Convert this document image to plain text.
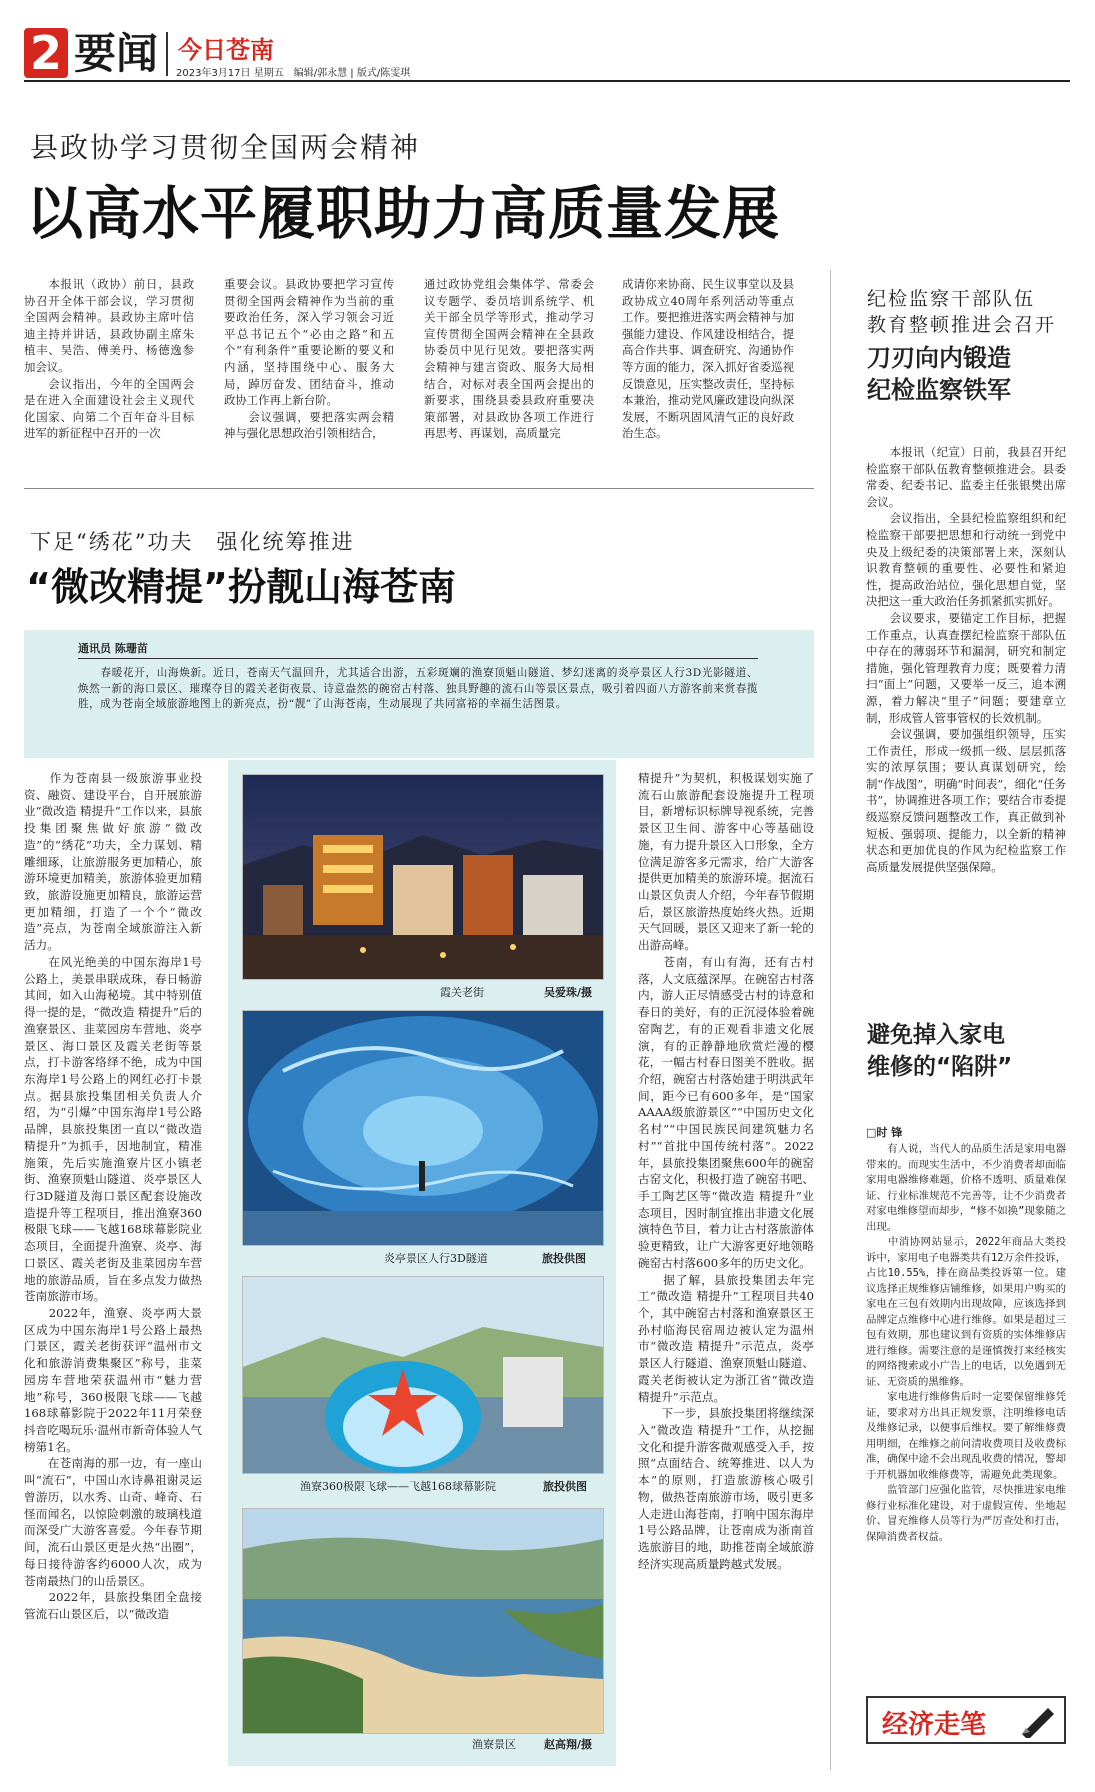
2 要闻 今日苍南
2023年3月17日 星期五　 编辑/郭永慧 | 版式/陈雯琪
县政协学习贯彻全国两会精神
以高水平履职助力高质量发展
　　本报讯（政协）前日，县政协召开全体干部会议，学习贯彻全国两会精神。县政协主席叶信迪主持并讲话，县政协副主席朱植丰、吴浩、傅美丹、杨德逸参加会议。
　　会议指出，今年的全国两会是在进入全面建设社会主义现代化国家、向第二个百年奋斗目标进军的新征程中召开的一次
重要会议。县政协要把学习宣传贯彻全国两会精神作为当前的重要政治任务，深入学习领会习近平总书记五个“必由之路”和五个“有利条件”重要论断的要义和内涵，坚持围绕中心、服务大局，踔厉奋发、团结奋斗，推动政协工作再上新台阶。
　　会议强调，要把落实两会精神与强化思想政治引领相结合，
通过政协党组会集体学、常委会议专题学、委员培训系统学、机关干部全员学等形式，推动学习宣传贯彻全国两会精神在全县政协委员中见行见效。要把落实两会精神与建言资政、服务大局相结合，对标对表全国两会提出的新要求，围绕县委县政府重要决策部署，对县政协各项工作进行再思考、再谋划，高质量完
成请你来协商、民生议事堂以及县政协成立40周年系列活动等重点工作。要把推进落实两会精神与加强能力建设、作风建设相结合，提高合作共事、调查研究、沟通协作等方面的能力，深入抓好省委巡视反馈意见，压实整改责任，坚持标本兼治，推动党风廉政建设向纵深发展，不断巩固风清气正的良好政治生态。
纪检监察干部队伍
教育整顿推进会召开
刀刃向内锻造
纪检监察铁军
　　本报讯（纪宣）日前，我县召开纪检监察干部队伍教育整顿推进会。县委常委、纪委书记、监委主任张银樊出席会议。
　　会议指出，全县纪检监察组织和纪检监察干部要把思想和行动统一到党中央及上级纪委的决策部署上来，深刻认识教育整顿的重要性、必要性和紧迫性，提高政治站位，强化思想自觉，坚决把这一重大政治任务抓紧抓实抓好。
　　会议要求，要锚定工作目标，把握工作重点，认真查摆纪检监察干部队伍中存在的薄弱环节和漏洞，研究和制定措施，强化管理教育力度；既要着力清扫“面上”问题，又要举一反三，追本溯源，着力解决“里子”问题；要建章立制，形成管人管事管权的长效机制。
　　会议强调，要加强组织领导，压实工作责任，形成一级抓一级、层层抓落实的浓厚氛围；要认真谋划研究，绘制“作战图”，明确“时间表”，细化“任务书”，协调推进各项工作；要结合市委提级巡察反馈问题整改工作，真正做到补短板、强弱项、提能力，以全新的精神状态和更加优良的作风为纪检监察工作高质量发展提供坚强保障。
下足“绣花”功夫　强化统筹推进
“微改精提”扮靓山海苍南
通讯员 陈珊苗
　　春暖花开，山海焕新。近日，苍南天气温回升，尤其适合出游，五彩斑斓的渔寮顶魁山隧道、梦幻迷离的炎亭景区人行3D光影隧道、焕然一新的海口景区、璀璨夺目的霞关老街夜景、诗意盎然的碗窑古村落、独具野趣的流石山等景区景点，吸引着四面八方游客前来赏春揽胜，成为苍南全域旅游地图上的新亮点，扮“靓”了山海苍南，生动展现了共同富裕的幸福生活图景。
　　作为苍南县一级旅游事业投资、融资、建设平台，自开展旅游业“微改造 精提升”工作以来，县旅投集团聚焦做好旅游“微改造”的“绣花”功夫，全力谋划、精雕细琢，让旅游服务更加精心，旅游环境更加精美，旅游体验更加精致，旅游设施更加精良，旅游运营更加精细，打造了一个个“微改造”亮点，为苍南全域旅游注入新活力。
　　在风光绝美的中国东海岸1号公路上，美景串联成珠，春日畅游其间，如入山海秘境。其中特别值得一提的是，“微改造 精提升”后的渔寮景区、韭菜园房车营地、炎亭景区、海口景区及霞关老街等景点，打卡游客络绎不绝，成为中国东海岸1号公路上的网红必打卡景点。据县旅投集团相关负责人介绍，为“引爆”中国东海岸1号公路品牌，县旅投集团一直以“微改造 精提升”为抓手，因地制宜，精准施策，先后实施渔寮片区小镇老街、渔寮顶魁山隧道、炎亭景区人行3D隧道及海口景区配套设施改造提升等工程项目，推出渔寮360极限飞球——飞越168球幕影院业态项目，全面提升渔寮、炎亭、海口景区、霞关老街及韭菜园房车营地的旅游品质，旨在多点发力做热苍南旅游市场。
　　2022年，渔寮、炎亭两大景区成为中国东海岸1号公路上最热门景区，霞关老街获评“温州市文化和旅游消费集聚区”称号，韭菜园房车营地荣获温州市“魅力营地”称号，360极限飞球——飞越168球幕影院于2022年11月荣登抖音吃喝玩乐·温州市新奇体验人气榜第1名。
　　在苍南海的那一边，有一座山叫“流石”，中国山水诗鼻祖谢灵运曾游历，以水秀、山奇、峰奇、石怪而闻名，以惊险刺激的玻璃栈道而深受广大游客喜爱。今年春节期间，流石山景区更是火热“出圈”，每日接待游客约6000人次，成为苍南最热门的山岳景区。
　　2022年，县旅投集团全盘接管流石山景区后，以“微改造
霞关老街	吴爱珠/摄
炎亭景区人行3D隧道	旅投供图
渔寮360极限飞球——飞越168球幕影院	旅投供图
渔寮景区	赵高翔/摄
精提升”为契机，积极谋划实施了流石山旅游配套设施提升工程项目，新增标识标牌导视系统，完善景区卫生间、游客中心等基础设施，有力提升景区入口形象，全方位满足游客多元需求，给广大游客提供更加精美的旅游环境。据流石山景区负责人介绍，今年春节假期后，景区旅游热度始终火热。近期天气回暖，景区又迎来了新一轮的出游高峰。
　　苍南，有山有海，还有古村落，人文底蕴深厚。在碗窑古村落内，游人正尽情感受古村的诗意和春日的美好，有的正沉浸体验着碗窑陶艺，有的正观看非遗文化展演，有的正静静地欣赏烂漫的樱花，一幅古村春日图美不胜收。据介绍，碗窑古村落始建于明洪武年间，距今已有600多年，是“国家AAAA级旅游景区”“中国历史文化名村”“中国民族民间建筑魅力名村”“首批中国传统村落”。2022年，县旅投集团聚焦600年的碗窑古窑文化，积极打造了碗窑书吧、手工陶艺区等“微改造 精提升”业态项目，因时制宜推出非遗文化展演特色节目，着力让古村落旅游体验更精致，让广大游客更好地领略碗窑古村落600多年的历史文化。
　　据了解，县旅投集团去年完工“微改造 精提升”工程项目共40个，其中碗窑古村落和渔寮景区王孙村临海民宿周边被认定为温州市“微改造 精提升”示范点，炎亭景区人行隧道、渔寮顶魁山隧道、霞关老街被认定为浙江省“微改造 精提升”示范点。
　　下一步，县旅投集团将继续深入“微改造 精提升”工作，从挖掘文化和提升游客微观感受入手，按照“点面结合、统筹推进、以人为本”的原则，打造旅游核心吸引物，做热苍南旅游市场，吸引更多人走进山海苍南，打响中国东海岸1号公路品牌，让苍南成为浙南首选旅游目的地，助推苍南全域旅游经济实现高质量跨越式发展。
避免掉入家电
维修的“陷阱”
□时 锋
　　有人说，当代人的品质生活是家用电器带来的。而现实生活中，不少消费者却面临家用电器维修难题，价格不透明、质量难保证、行业标准规范不完善等，让不少消费者对家电维修望而却步，“修不如换”现象随之出现。
　　中消协网站显示，2022年商品大类投诉中，家用电子电器类共有12万余件投诉，占比10.55%，排在商品类投诉第一位。建议选择正规维修店铺维修，如果用户购买的家电在三包有效期内出现故障，应该选择到品牌定点维修中心进行维修。如果是超过三包有效期，那也建议到有资质的实体维修店进行维修。需要注意的是谨慎拨打来经核实的网络搜索或小广告上的电话，以免遇到无证、无资质的黑维修。
　　家电进行维修售后时一定要保留维修凭证，要求对方出具正规发票，注明维修电话及维修记录，以便事后维权。要了解维修费用明细，在维修之前问清收费项目及收费标准，确保中途不会出现乱收费的情况，警却于开机器加收维修费等，需避免此类现象。
　　监管部门应强化监管，尽快推进家电维修行业标准化建设，对于虚假宣传、坐地起价、冒充维修人员等行为严厉查处和打击，保障消费者权益。
经济走笔
